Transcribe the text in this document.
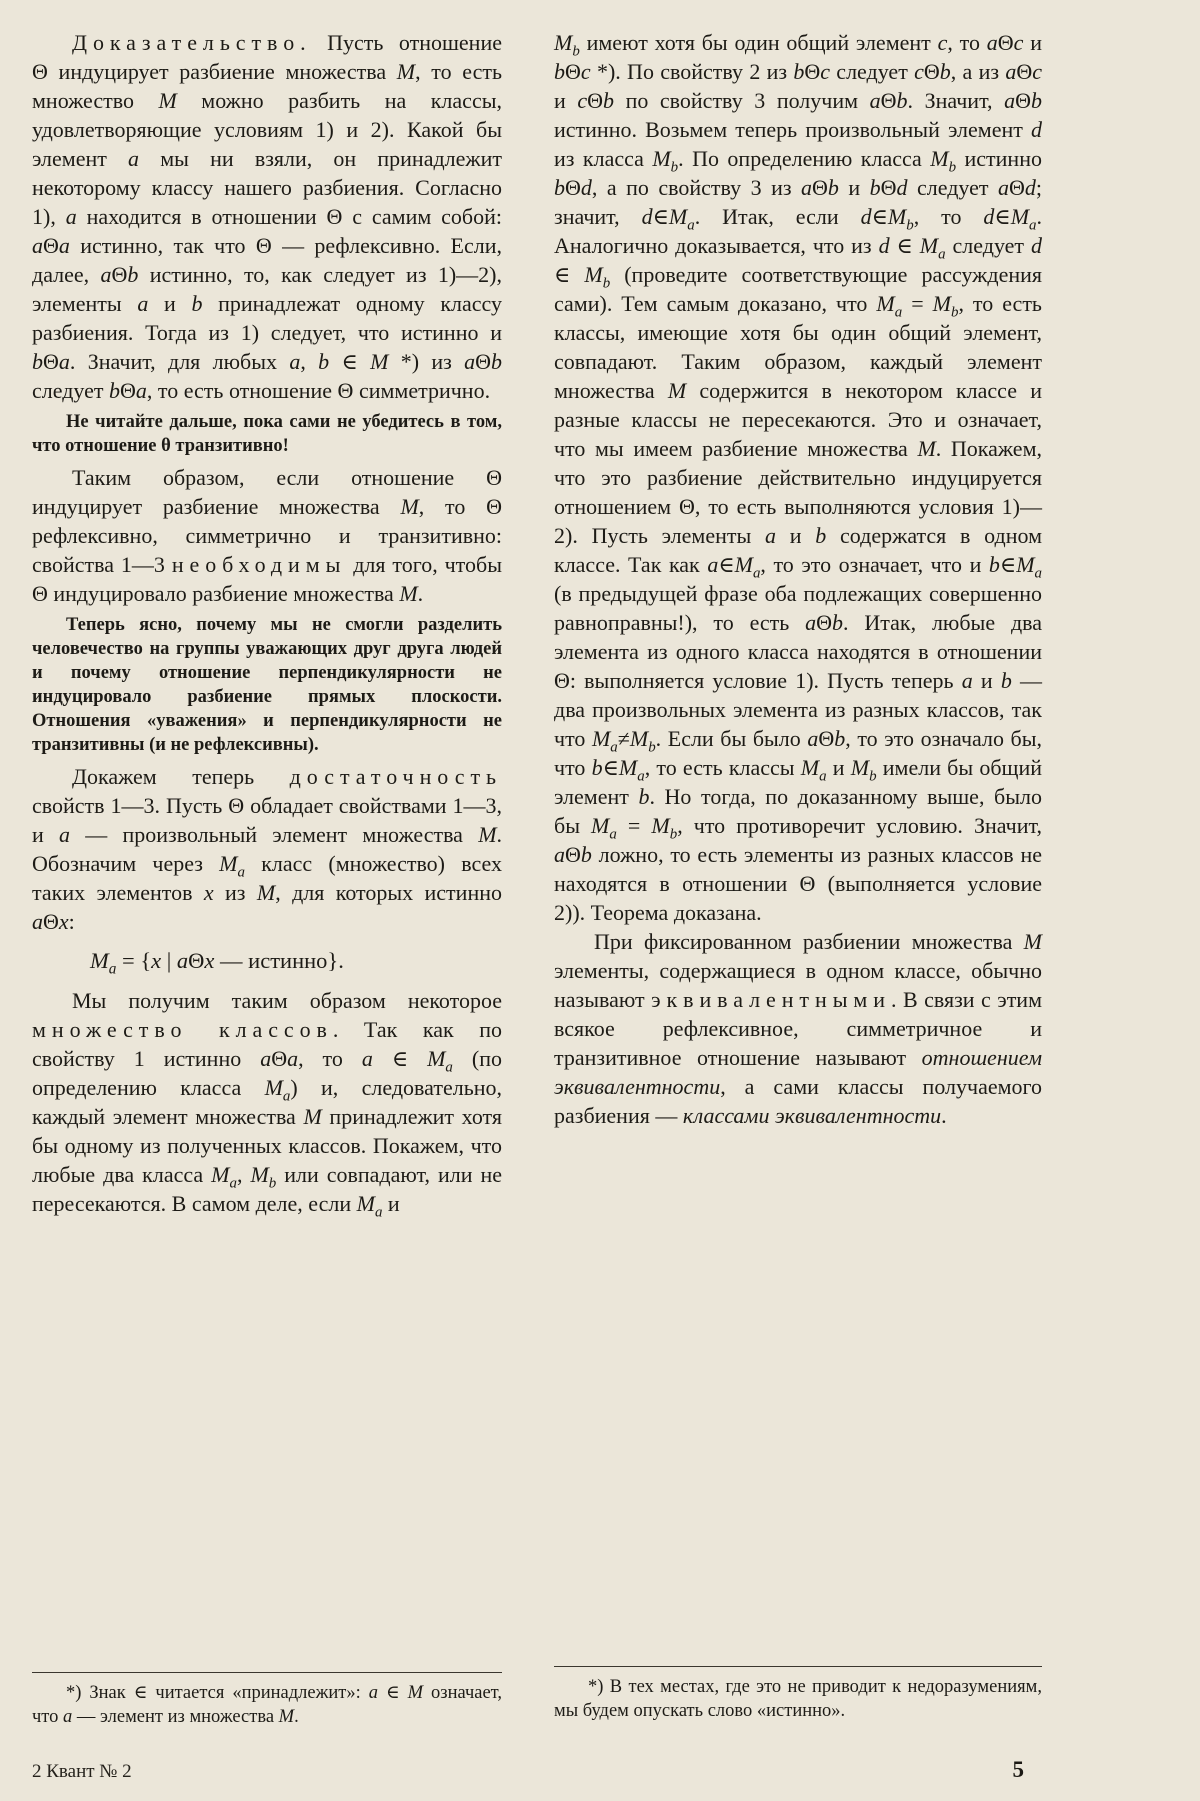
Доказательство. Пусть отношение Θ индуцирует разбиение множества M, то есть множество M можно разбить на классы, удовлетворяющие условиям 1) и 2). Какой бы элемент a мы ни взяли, он принадлежит некоторому классу нашего разбиения. Согласно 1), a находится в отношении Θ с самим собой: aΘa истинно, так что Θ — рефлексивно. Если, далее, aΘb истинно, то, как следует из 1)—2), элементы a и b принадлежат одному классу разбиения. Тогда из 1) следует, что истинно и bΘa. Значит, для любых a, b ∈ M *) из aΘb следует bΘa, то есть отношение Θ симметрично.

Не читайте дальше, пока сами не убедитесь в том, что отношение θ транзитивно!

Таким образом, если отношение Θ индуцирует разбиение множества M, то Θ рефлексивно, симметрично и транзитивно: свойства 1—3 необходимы для того, чтобы Θ индуцировало разбиение множества M.

Теперь ясно, почему мы не смогли разделить человечество на группы уважающих друг друга людей и почему отношение перпендикулярности не индуцировало разбиение прямых плоскости. Отношения «уважения» и перпендикулярности не транзитивны (и не рефлексивны).

Докажем теперь достаточность свойств 1—3. Пусть Θ обладает свойствами 1—3, и a — произвольный элемент множества M. Обозначим через $M_a$ класс (множество) всех таких элементов x из M, для которых истинно aΘx:

$M_a = \{x$ | aΘx — истинно}.

Мы получим таким образом некоторое множество классов. Так как по свойству 1 истинно aΘa, то a ∈ $M_a$ (по определению класса $M_a$) и, следовательно, каждый элемент множества M принадлежит хотя бы одному из полученных классов. Покажем, что любые два класса $M_a$, $M_b$ или совпадают, или не пересекаются. В самом деле, если $M_a$ и

*) Знак ∈ читается «принадлежит»: a ∈ M означает, что a — элемент из множества M.
2 Квант № 2

$M_b$ имеют хотя бы один общий элемент c, то aΘc и bΘc *). По свойству 2 из bΘc следует cΘb, а из aΘc и cΘb по свойству 3 получим aΘb. Значит, aΘb истинно. Возьмем теперь произвольный элемент d из класса $M_b$. По определению класса $M_b$ истинно bΘd, а по свойству 3 из aΘb и bΘd следует aΘd; значит, $d\in M_a$. Итак, если $d\in M_b$, то $d\in M_a$. Аналогично доказывается, что из d ∈ $M_a$ следует d ∈ $M_b$ (проведите соответствующие рассуждения сами). Тем самым доказано, что $M_a = M_b$, то есть классы, имеющие хотя бы один общий элемент, совпадают. Таким образом, каждый элемент множества M содержится в некотором классе и разные классы не пересекаются. Это и означает, что мы имеем разбиение множества M. Покажем, что это разбиение действительно индуцируется отношением Θ, то есть выполняются условия 1)—2). Пусть элементы a и b содержатся в одном классе. Так как $a\in M_a$, то это означает, что и $b\in M_a$ (в предыдущей фразе оба подлежащих совершенно равноправны!), то есть aΘb. Итак, любые два элемента из одного класса находятся в отношении Θ: выполняется условие 1). Пусть теперь a и b — два произвольных элемента из разных классов, так что $M_a\ne M_b$. Если бы было aΘb, то это означало бы, что $b\in M_a$, то есть классы $M_a$ и $M_b$ имели бы общий элемент b. Но тогда, по доказанному выше, было бы $M_a = M_b$, что противоречит условию. Значит, aΘb ложно, то есть элементы из разных классов не находятся в отношении Θ (выполняется условие 2)). Теорема доказана.

При фиксированном разбиении множества M элементы, содержащиеся в одном классе, обычно называют эквивалентными. В связи с этим всякое рефлексивное, симметричное и транзитивное отношение называют отношением эквивалентности, а сами классы получаемого разбиения — классами эквивалентности.

*) В тех местах, где это не приводит к недоразумениям, мы будем опускать слово «истинно».
5
